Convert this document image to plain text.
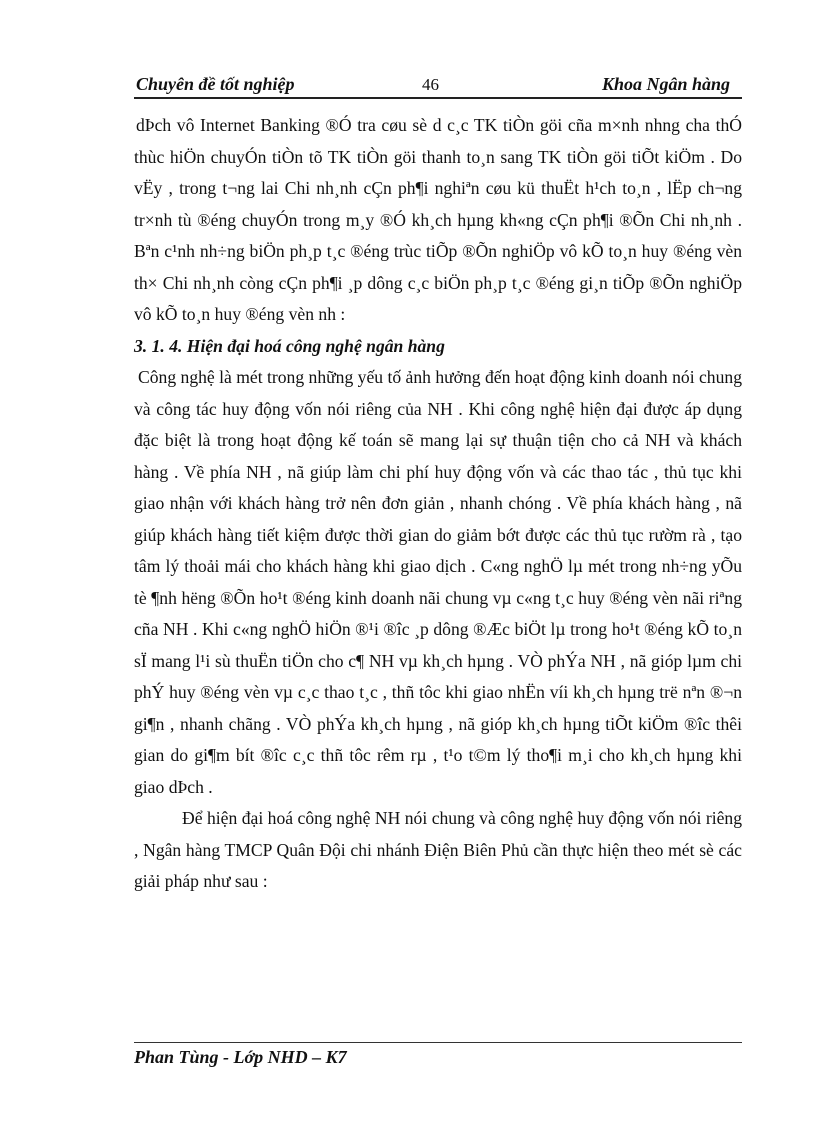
Chuyên đề tốt nghiệp	46	Khoa Ngân hàng

dÞch vô Internet Banking ®Ó tra cøu sè d c¸c TK tiÒn göi cña m×nh nhng cha thÓ thùc hiÖn chuyÓn tiÒn tõ TK tiÒn göi thanh to¸n sang TK tiÒn göi tiÕt kiÖm . Do vËy , trong t¬ng lai Chi nh¸nh cÇn ph¶i nghiªn cøu kü thuËt h¹ch to¸n , lËp ch¬ng tr×nh tù ®éng chuyÓn trong m¸y ®Ó kh¸ch hµng kh«ng cÇn ph¶i ®Õn Chi nh¸nh . Bªn c¹nh nh÷ng biÖn ph¸p t¸c ®éng trùc tiÕp ®Õn nghiÖp vô kÕ to¸n huy ®éng vèn th× Chi nh¸nh còng cÇn ph¶i ¸p dông c¸c biÖn ph¸p t¸c ®éng gi¸n tiÕp ®Õn nghiÖp vô kÕ to¸n huy ®éng vèn nh :

3. 1. 4. Hiện đại hoá công nghệ ngân hàng

Công nghệ là mét trong những yếu tố ảnh hưởng đến hoạt động kinh doanh nói chung và công tác huy động vốn nói riêng của NH . Khi công nghệ hiện đại được áp dụng đặc biệt là trong hoạt động kế toán sẽ mang lại sự thuận tiện cho cả NH và khách hàng . Về phía NH , nã giúp làm chi phí huy động vốn và các thao tác , thủ tục khi giao nhận với khách hàng trở nên đơn giản , nhanh chóng . Về phía khách hàng , nã giúp khách hàng tiết kiệm được thời gian do giảm bớt được các thủ tục rườm rà , tạo tâm lý thoải mái cho khách hàng khi giao dịch . C«ng nghÖ lµ mét trong nh÷ng yÕu tè ¶nh hëng ®Õn ho¹t ®éng kinh doanh nãi chung vµ c«ng t¸c huy ®éng vèn nãi riªng cña NH . Khi c«ng nghÖ hiÖn ®¹i ®îc ¸p dông ®Æc biÖt lµ trong ho¹t ®éng kÕ to¸n sÏ mang l¹i sù thuËn tiÖn cho c¶ NH vµ kh¸ch hµng . VÒ phÝa NH , nã gióp lµm chi phÝ huy ®éng vèn vµ c¸c thao t¸c , thñ tôc khi giao nhËn víi kh¸ch hµng trë nªn ®¬n gi¶n , nhanh chãng . VÒ phÝa kh¸ch hµng , nã gióp kh¸ch hµng tiÕt kiÖm ®îc thêi gian do gi¶m bít ®îc c¸c thñ tôc rêm rµ , t¹o t©m lý tho¶i m¸i cho kh¸ch hµng khi giao dÞch .

Để hiện đại hoá công nghệ NH nói chung và công nghệ huy động vốn nói riêng , Ngân hàng TMCP Quân Đội chi nhánh Điện Biên Phủ cần thực hiện theo mét sè các giải pháp như sau :

Phan Tùng - Lớp NHD – K7
